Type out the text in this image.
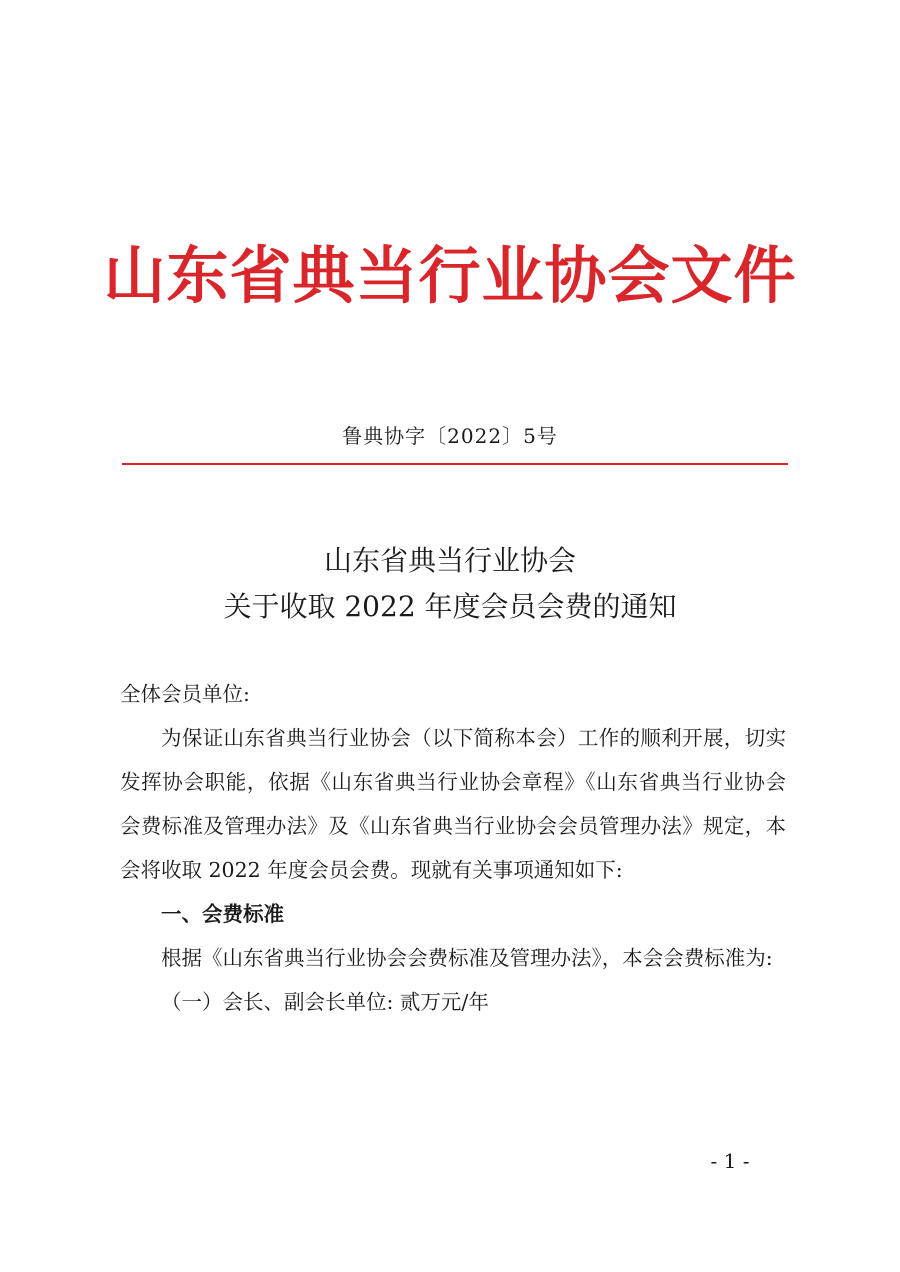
山东省典当行业协会文件
鲁典协字〔2022〕5号
山东省典当行业协会
关于收取 2022 年度会员会费的通知

全体会员单位:

为保证山东省典当行业协会（以下简称本会）工作的顺利开展，切实发挥协会职能，依据《山东省典当行业协会章程》《山东省典当行业协会会费标准及管理办法》及《山东省典当行业协会会员管理办法》规定，本会将收取 2022 年度会员会费。现就有关事项通知如下:

一、会费标准

根据《山东省典当行业协会会费标准及管理办法》，本会会费标准为:

（一）会长、副会长单位: 贰万元/年

- 1 -
